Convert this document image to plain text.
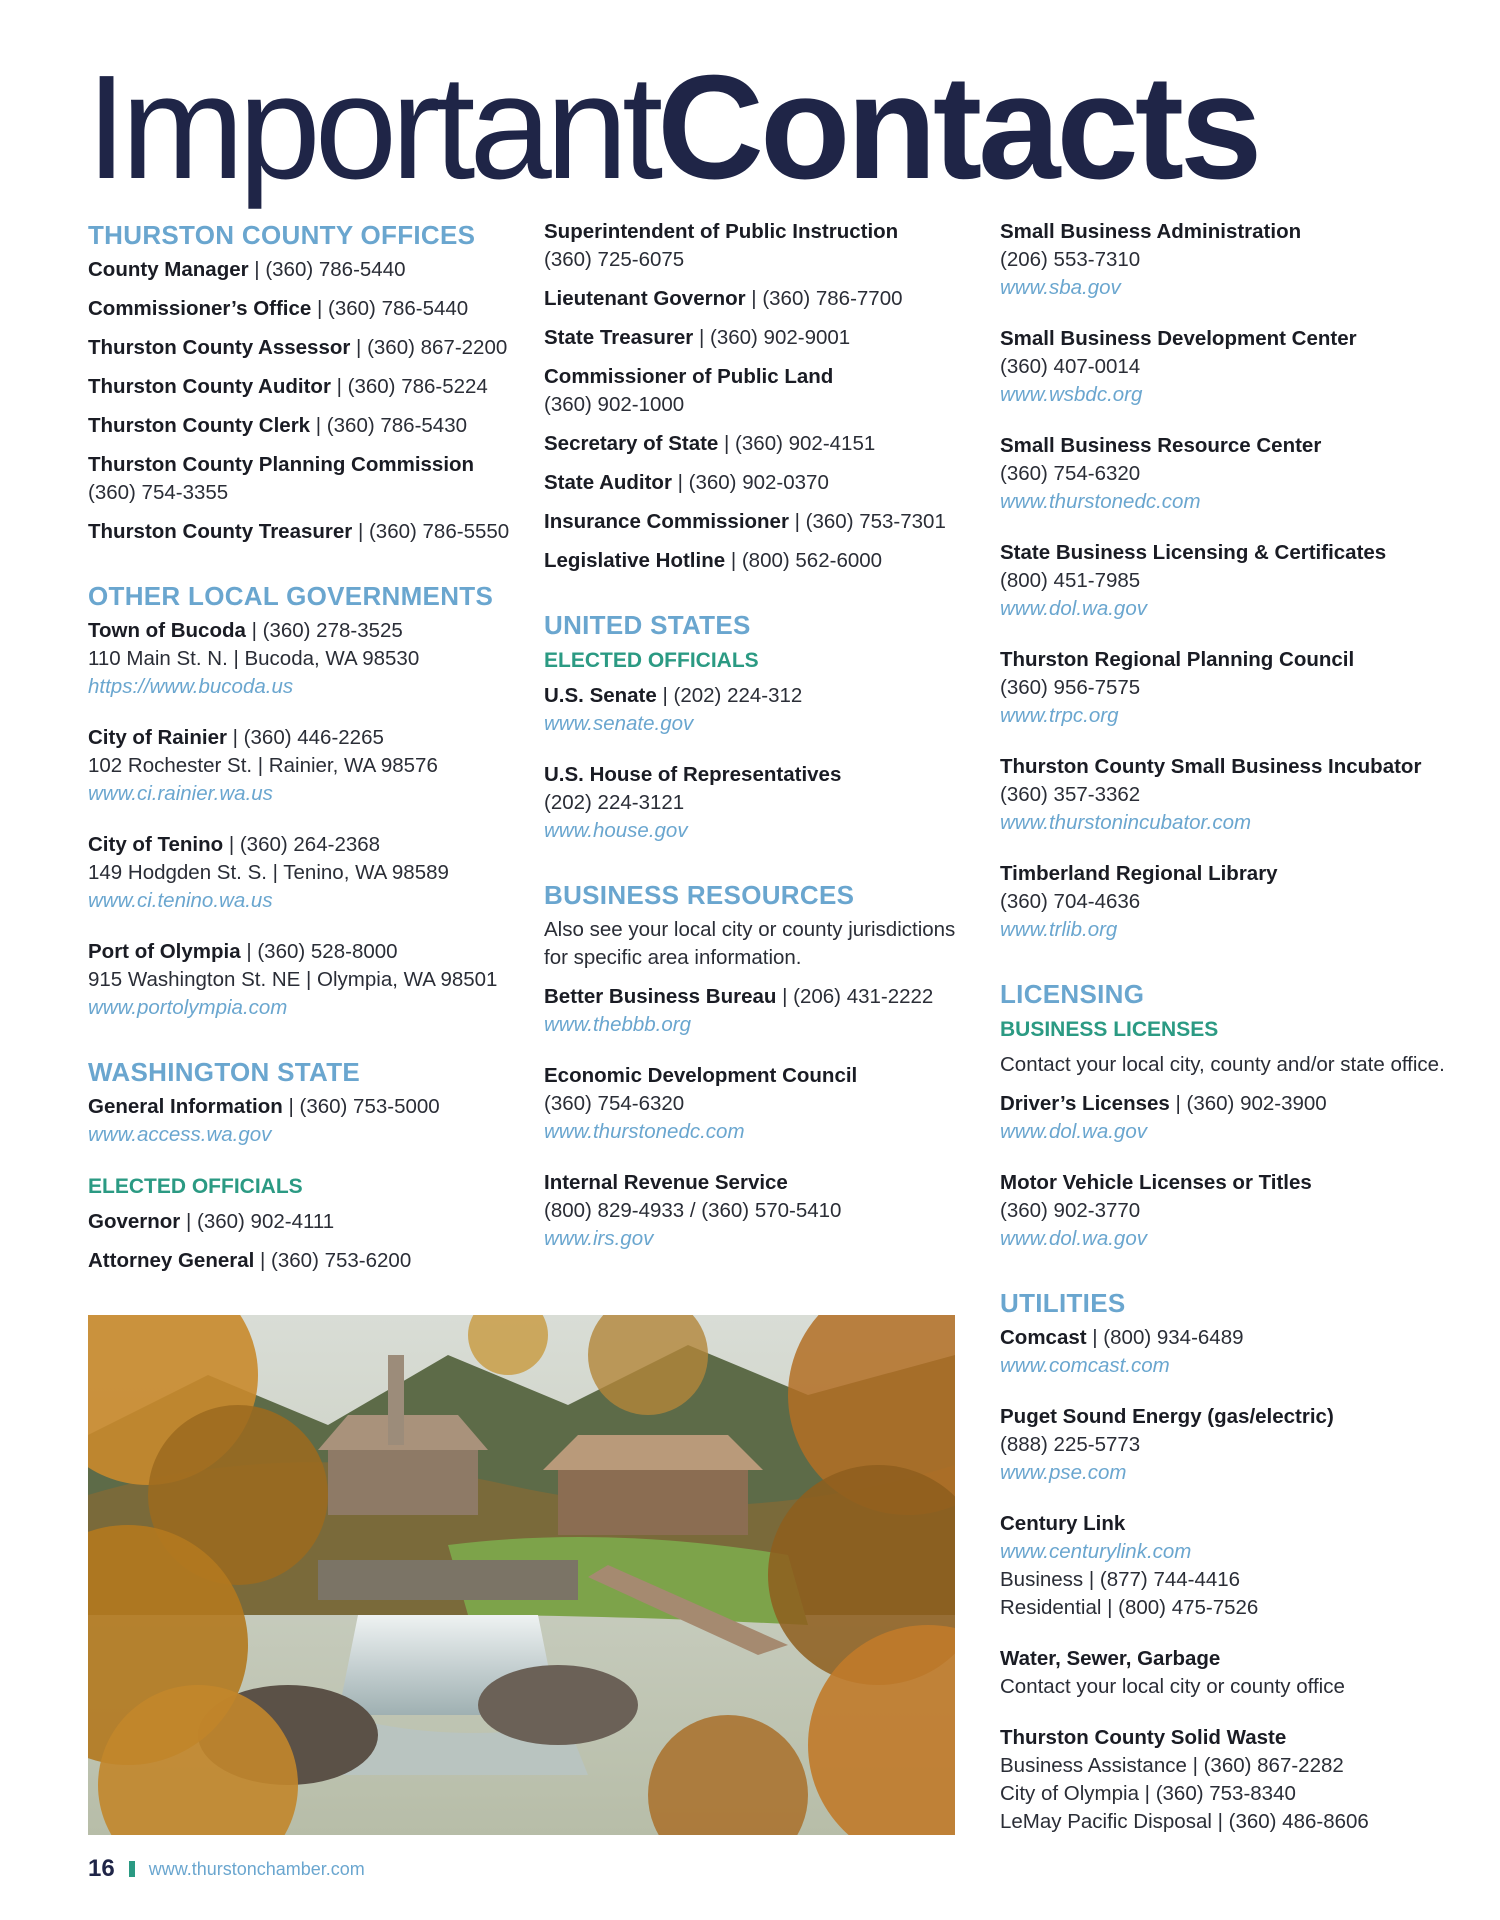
ImportantContacts
THURSTON COUNTY OFFICES
County Manager | (360) 786-5440
Commissioner’s Office | (360) 786-5440
Thurston County Assessor | (360) 867-2200
Thurston County Auditor | (360) 786-5224
Thurston County Clerk | (360) 786-5430
Thurston County Planning Commission
(360) 754-3355
Thurston County Treasurer | (360) 786-5550
OTHER LOCAL GOVERNMENTS
Town of Bucoda | (360) 278-3525
110 Main St. N. | Bucoda, WA 98530
https://www.bucoda.us
City of Rainier | (360) 446-2265
102 Rochester St. | Rainier, WA 98576
www.ci.rainier.wa.us
City of Tenino | (360) 264-2368
149 Hodgden St. S. | Tenino, WA 98589
www.ci.tenino.wa.us
Port of Olympia | (360) 528-8000
915 Washington St. NE | Olympia, WA 98501
www.portolympia.com
WASHINGTON STATE
General Information | (360) 753-5000
www.access.wa.gov
ELECTED OFFICIALS
Governor | (360) 902-4111
Attorney General | (360) 753-6200
Superintendent of Public Instruction
(360) 725-6075
Lieutenant Governor | (360) 786-7700
State Treasurer | (360) 902-9001
Commissioner of Public Land
(360) 902-1000
Secretary of State | (360) 902-4151
State Auditor | (360) 902-0370
Insurance Commissioner | (360) 753-7301
Legislative Hotline | (800) 562-6000
UNITED STATES
ELECTED OFFICIALS
U.S. Senate | (202) 224-312
www.senate.gov
U.S. House of Representatives
(202) 224-3121
www.house.gov
BUSINESS RESOURCES
Also see your local city or county jurisdictions for specific area information.
Better Business Bureau | (206) 431-2222
www.thebbb.org
Economic Development Council
(360) 754-6320
www.thurstonedc.com
Internal Revenue Service
(800) 829-4933 / (360) 570-5410
www.irs.gov
Small Business Administration
(206) 553-7310
www.sba.gov
Small Business Development Center
(360) 407-0014
www.wsbdc.org
Small Business Resource Center
(360) 754-6320
www.thurstonedc.com
State Business Licensing & Certificates
(800) 451-7985
www.dol.wa.gov
Thurston Regional Planning Council
(360) 956-7575
www.trpc.org
Thurston County Small Business Incubator
(360) 357-3362
www.thurstonincubator.com
Timberland Regional Library
(360) 704-4636
www.trlib.org
LICENSING
BUSINESS LICENSES
Contact your local city, county and/or state office.
Driver’s Licenses | (360) 902-3900
www.dol.wa.gov
Motor Vehicle Licenses or Titles
(360) 902-3770
www.dol.wa.gov
UTILITIES
Comcast | (800) 934-6489
www.comcast.com
Puget Sound Energy (gas/electric)
(888) 225-5773
www.pse.com
Century Link
www.centurylink.com
Business | (877) 744-4416
Residential | (800) 475-7526
Water, Sewer, Garbage
Contact your local city or county office
Thurston County Solid Waste
Business Assistance | (360) 867-2282
City of Olympia | (360) 753-8340
LeMay Pacific Disposal | (360) 486-8606
16 www.thurstonchamber.com
